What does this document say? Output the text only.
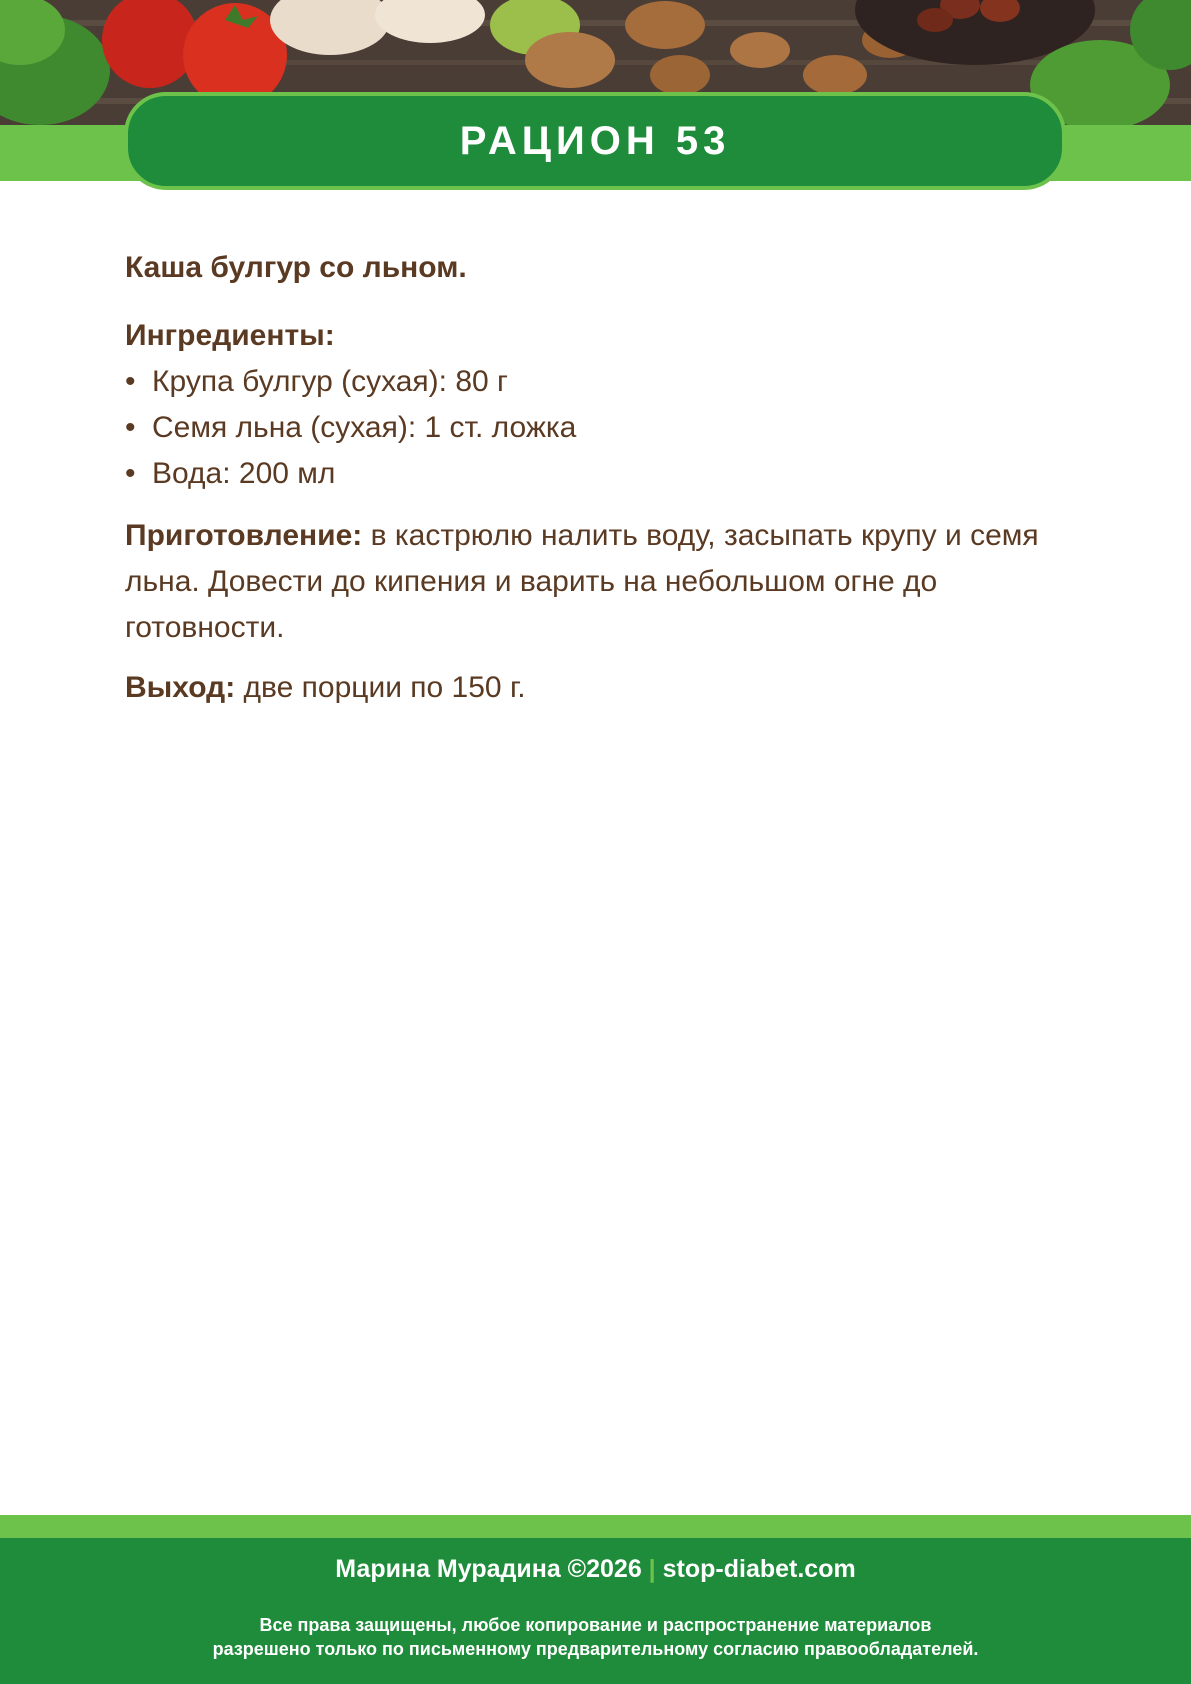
РАЦИОН 53

Каша булгур со льном.

Ингредиенты:

• Крупа булгур (сухая): 80 г
• Семя льна (сухая): 1 ст. ложка
• Вода: 200 мл

Приготовление: в кастрюлю налить воду, засыпать крупу и семя льна. Довести до кипения и варить на небольшом огне до готовности.

Выход: две порции по 150 г.

Марина Мурадина ©2026 | stop-diabet.com
Все права защищены, любое копирование и распространение материалов
разрешено только по письменному предварительному согласию правообладателей.
